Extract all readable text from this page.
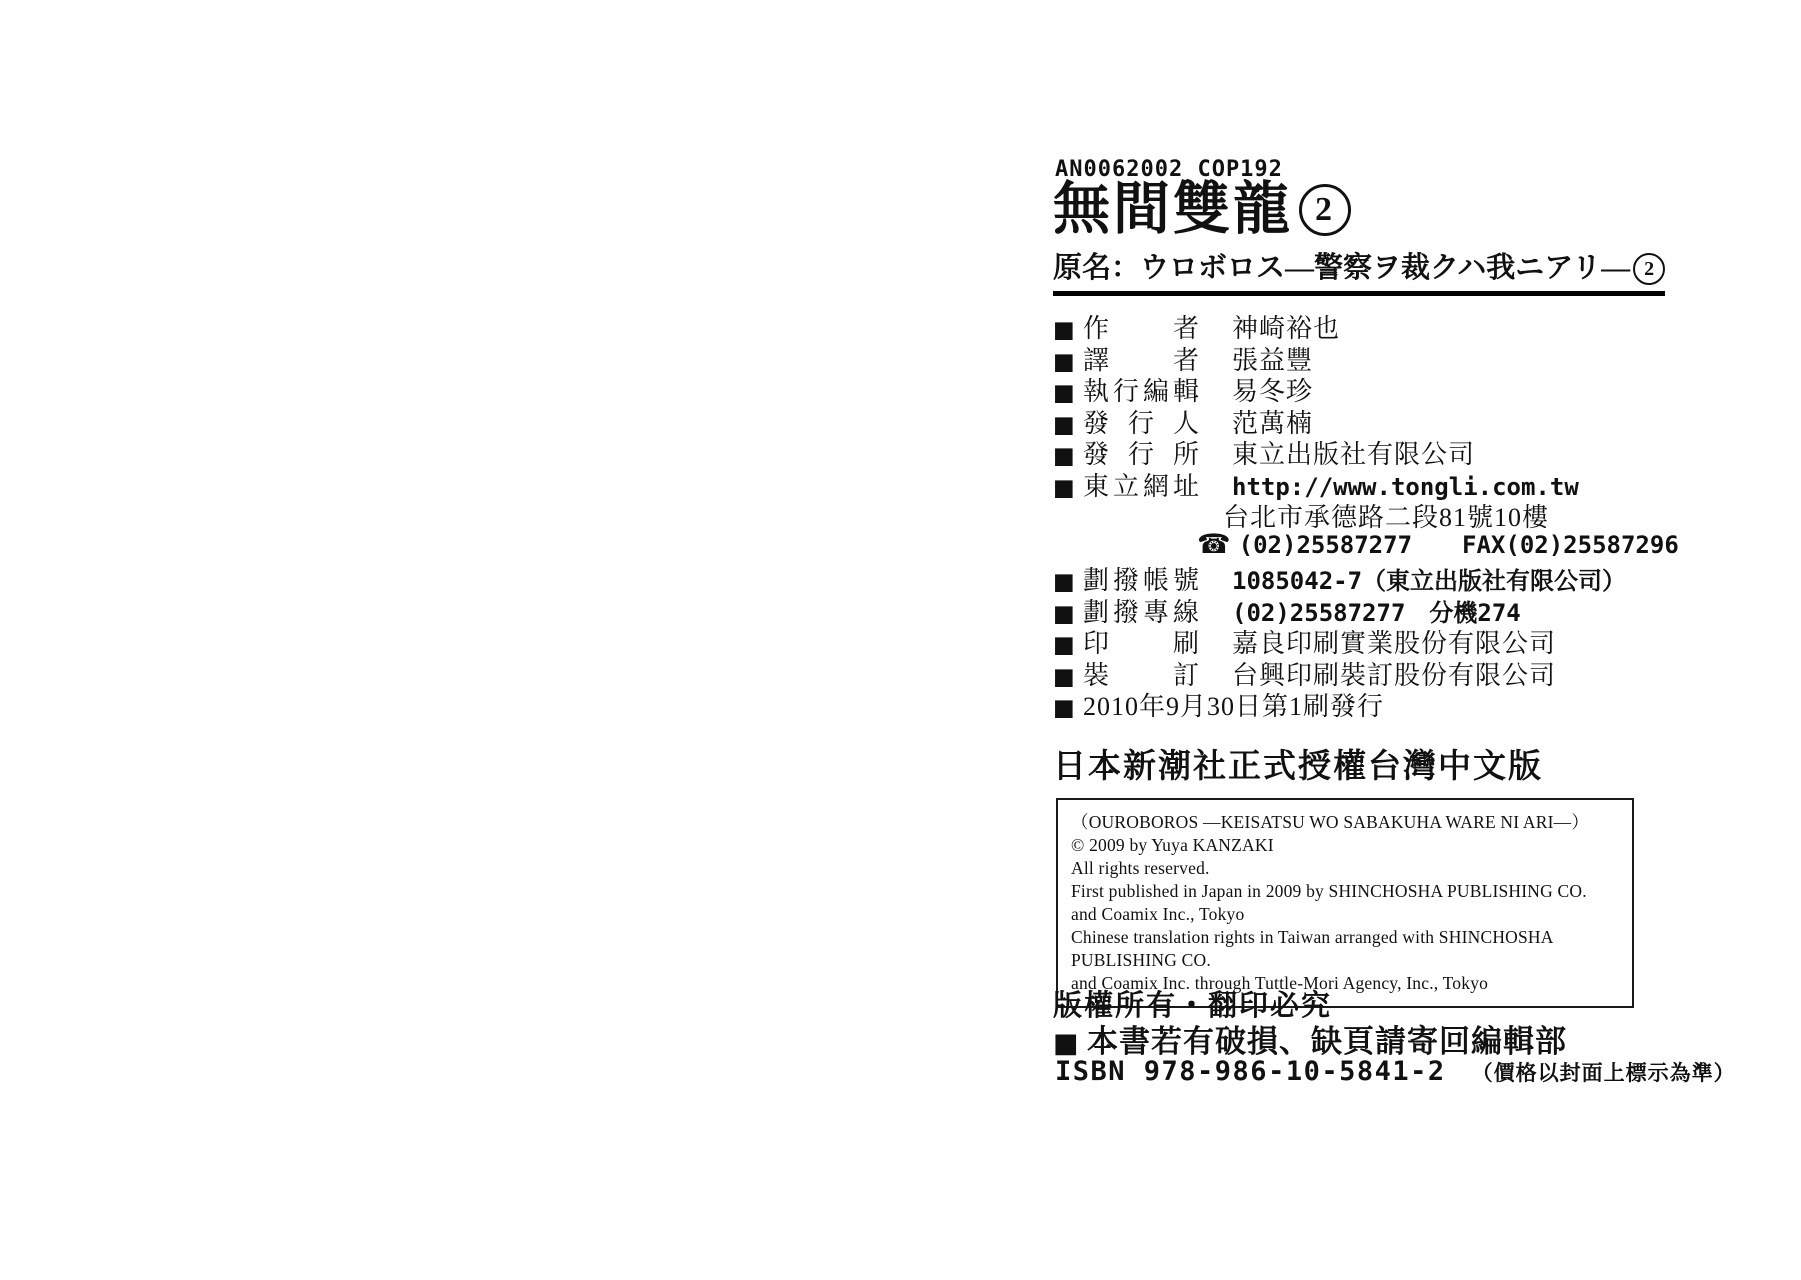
AN0062002 COP192
無間雙龍 2
原名：ウロボロス—警察ヲ裁クハ我ニアリ— 2
■ 作者 神崎裕也
■ 譯者 張益豐
■ 執行編輯 易冬珍
■ 發行人 范萬楠
■ 發行所 東立出版社有限公司
■ 東立網址 http://www.tongli.com.tw
台北市承德路二段81號10樓
☎ (02)25587277 FAX(02)25587296
■ 劃撥帳號 1085042-7（東立出版社有限公司）
■ 劃撥專線 (02)25587277　分機274
■ 印刷 嘉良印刷實業股份有限公司
■ 裝訂 台興印刷裝訂股份有限公司
■ 2010年9月30日第1刷發行
日本新潮社正式授權台灣中文版

（OUROBOROS —KEISATSU WO SABAKUHA WARE NI ARI—）

© 2009 by Yuya KANZAKI

All rights reserved.

First published in Japan in 2009 by SHINCHOSHA PUBLISHING CO.

and Coamix Inc., Tokyo

Chinese translation rights in Taiwan arranged with SHINCHOSHA PUBLISHING CO.

and Coamix Inc. through Tuttle-Mori Agency, Inc., Tokyo

版權所有・翻印必究
■ 本書若有破損、缺頁請寄回編輯部
ISBN 978-986-10-5841-2 （價格以封面上標示為準）
